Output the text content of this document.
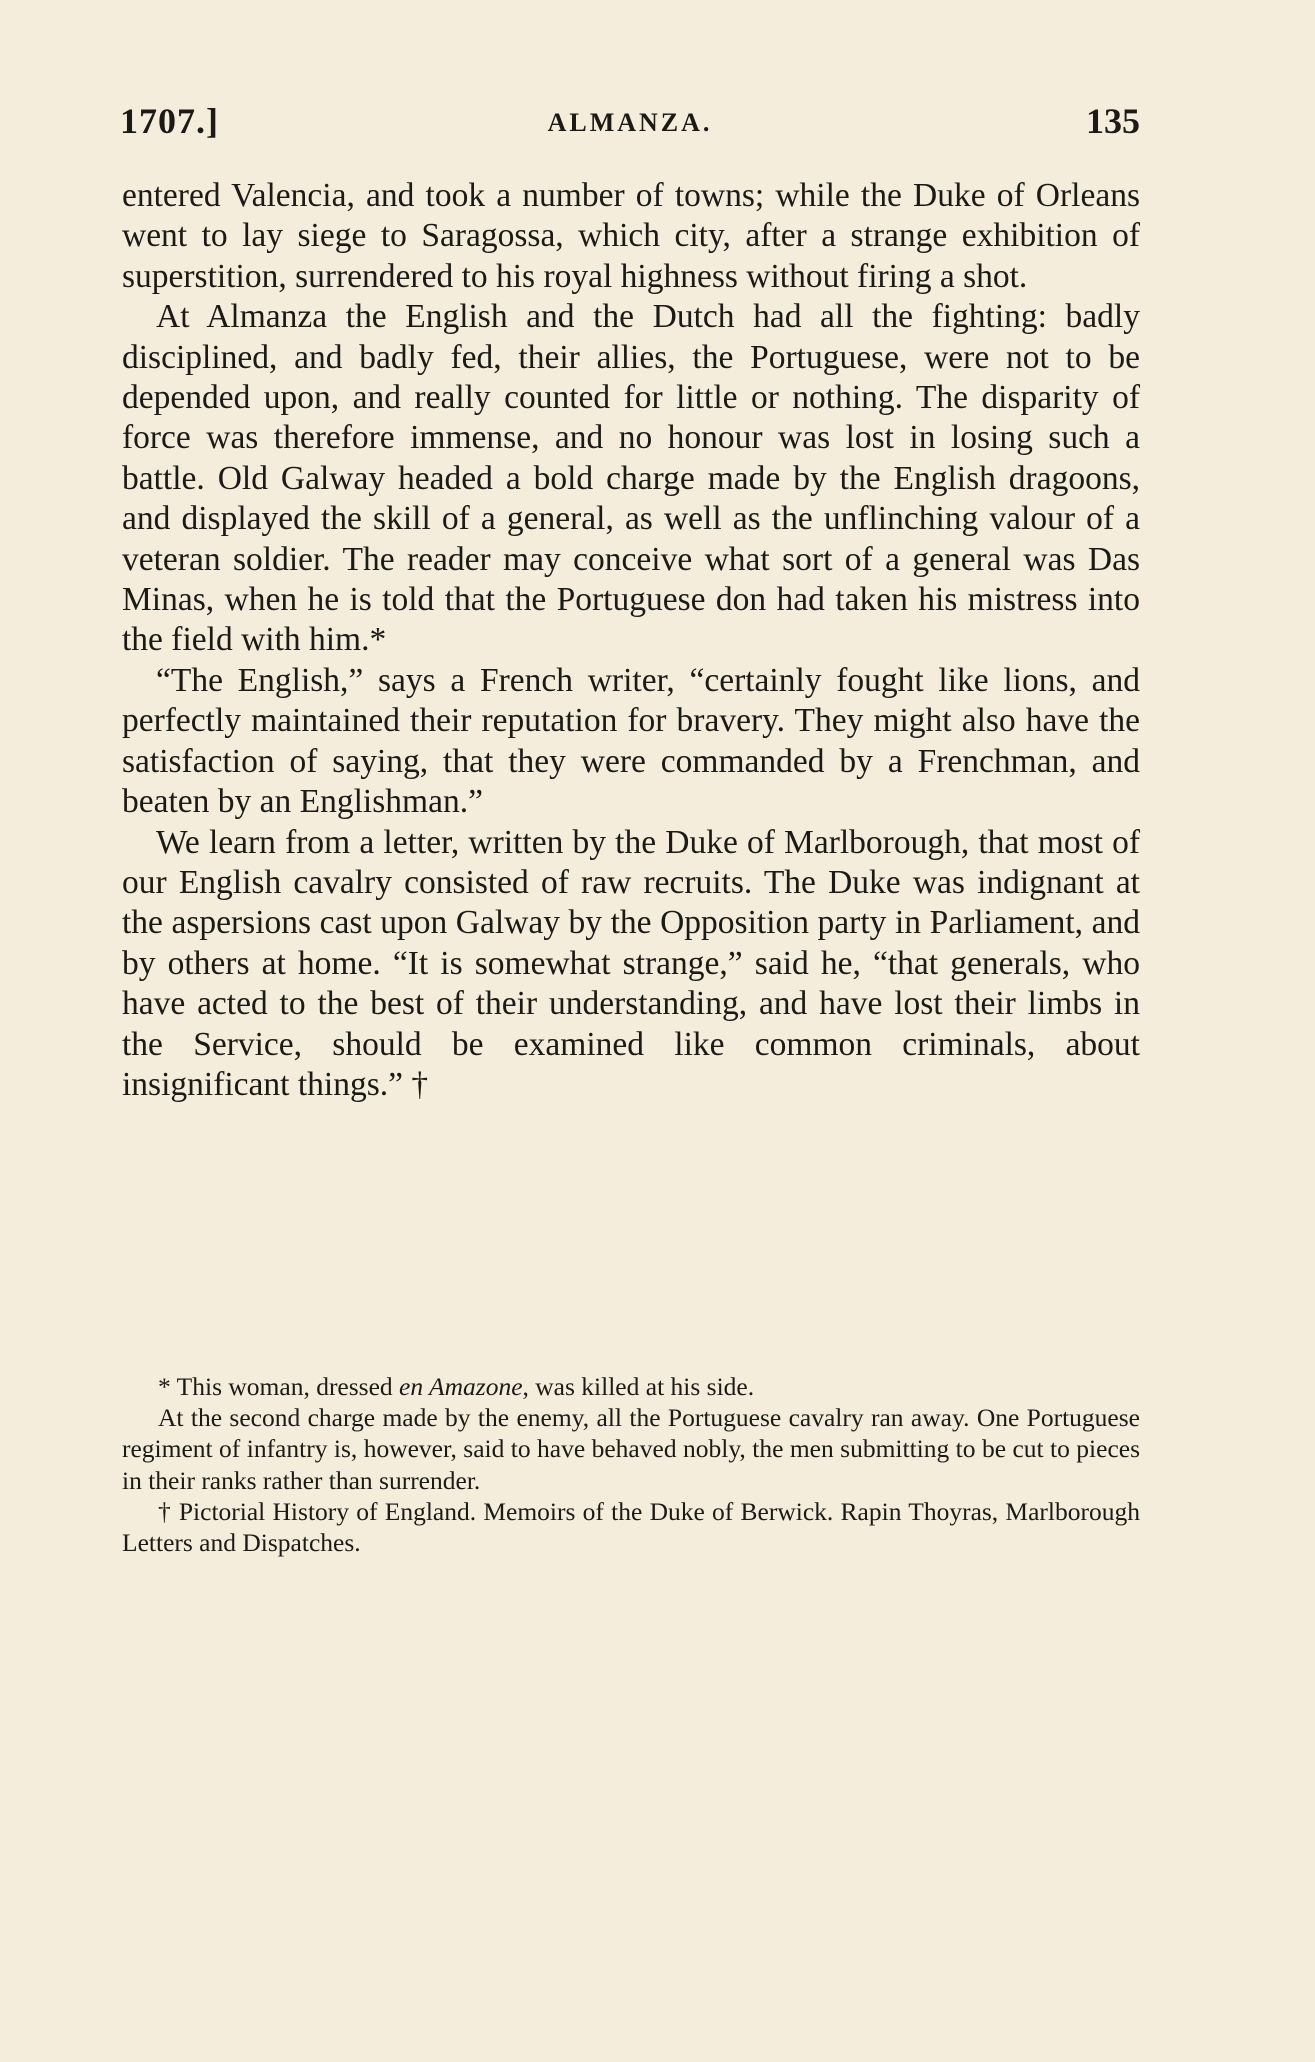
1707.]	ALMANZA.	135

entered Valencia, and took a number of towns; while the Duke of Orleans went to lay siege to Saragossa, which city, after a strange exhibition of superstition, surrendered to his royal highness without firing a shot.

At Almanza the English and the Dutch had all the fighting: badly disciplined, and badly fed, their allies, the Portuguese, were not to be depended upon, and really counted for little or nothing. The disparity of force was therefore immense, and no honour was lost in losing such a battle. Old Galway headed a bold charge made by the English dragoons, and displayed the skill of a general, as well as the unflinching valour of a veteran soldier. The reader may conceive what sort of a general was Das Minas, when he is told that the Portuguese don had taken his mistress into the field with him.*

“The English,” says a French writer, “certainly fought like lions, and perfectly maintained their reputation for bravery. They might also have the satisfaction of saying, that they were commanded by a Frenchman, and beaten by an Englishman.”

We learn from a letter, written by the Duke of Marlborough, that most of our English cavalry consisted of raw recruits. The Duke was indignant at the aspersions cast upon Galway by the Opposition party in Parliament, and by others at home. “It is somewhat strange,” said he, “that generals, who have acted to the best of their understanding, and have lost their limbs in the Service, should be examined like common criminals, about insignificant things.” †

* This woman, dressed en Amazone, was killed at his side.

At the second charge made by the enemy, all the Portuguese cavalry ran away. One Portuguese regiment of infantry is, however, said to have behaved nobly, the men submitting to be cut to pieces in their ranks rather than surrender.

† Pictorial History of England. Memoirs of the Duke of Berwick. Rapin Thoyras, Marlborough Letters and Dispatches.
